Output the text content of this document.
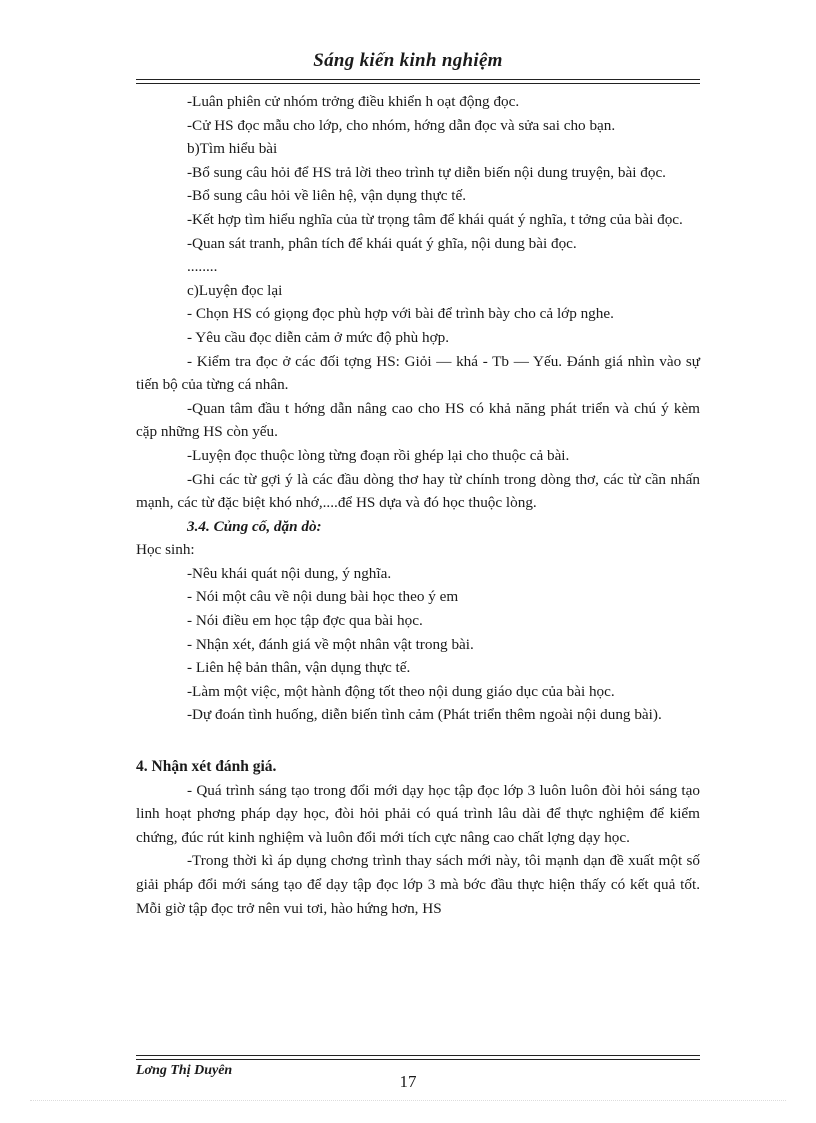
Sáng kiến kinh nghiệm

-Luân phiên cử nhóm trởng điều khiển h oạt động đọc.

-Cử HS đọc mẫu cho lớp, cho nhóm, hớng dẫn đọc và sửa sai cho bạn.

b)Tìm hiểu bài

-Bổ sung câu hỏi để HS trả lời theo trình tự diễn biến nội dung truyện, bài đọc.

-Bổ sung câu hỏi về liên hệ, vận dụng thực tế.

-Kết hợp tìm hiểu nghĩa của từ trọng tâm để khái quát ý nghĩa, t tởng của bài đọc.

-Quan sát tranh, phân tích để khái quát ý ghĩa, nội dung bài đọc.

........

c)Luyện đọc lại

- Chọn HS có giọng đọc phù hợp với bài để trình bày cho cả lớp nghe.

- Yêu cầu đọc diễn cảm ở mức độ phù hợp.

- Kiểm tra đọc ở các đối tợng HS: Giỏi — khá - Tb — Yếu. Đánh giá nhìn vào sự tiến bộ của từng cá nhân.

-Quan tâm đầu t hớng dẫn nâng cao cho HS có khả năng phát triển và chú ý kèm cặp những HS còn yếu.

-Luyện đọc thuộc lòng từng đoạn rồi ghép lại cho thuộc cả bài.

-Ghi các từ gợi ý là các đầu dòng thơ hay từ chính trong dòng thơ, các từ cần nhấn mạnh, các từ đặc biệt khó nhớ,....để HS dựa và đó học thuộc lòng.

3.4. Củng cố, dặn dò:

Học sinh:

-Nêu khái quát nội dung, ý nghĩa.

- Nói một câu về nội dung bài học theo ý em

- Nói điều em học tập đợc qua bài học.

- Nhận xét, đánh giá về một nhân vật trong bài.

- Liên hệ bản thân, vận dụng thực tế.

-Làm một việc, một hành động tốt theo nội dung giáo dục của bài học.

-Dự đoán tình huống, diễn biến tình cảm (Phát triển thêm ngoài nội dung bài).

4. Nhận xét đánh giá.

- Quá trình sáng tạo trong đổi mới dạy học tập đọc lớp 3 luôn luôn đòi hỏi sáng tạo linh hoạt phơng pháp dạy học, đòi hỏi phải có quá trình lâu dài để thực nghiệm để kiểm chứng, đúc rút kinh nghiệm và luôn đổi mới tích cực nâng cao chất lợng dạy học.

-Trong thời kì áp dụng chơng trình thay sách mới này, tôi mạnh dạn đề xuất một số giải pháp đổi mới sáng tạo để dạy tập đọc lớp 3 mà bớc đầu thực hiện thấy có kết quả tốt. Mỗi giờ tập đọc trở nên vui tơi, hào hứng hơn, HS

Lơng Thị Duyên
17
